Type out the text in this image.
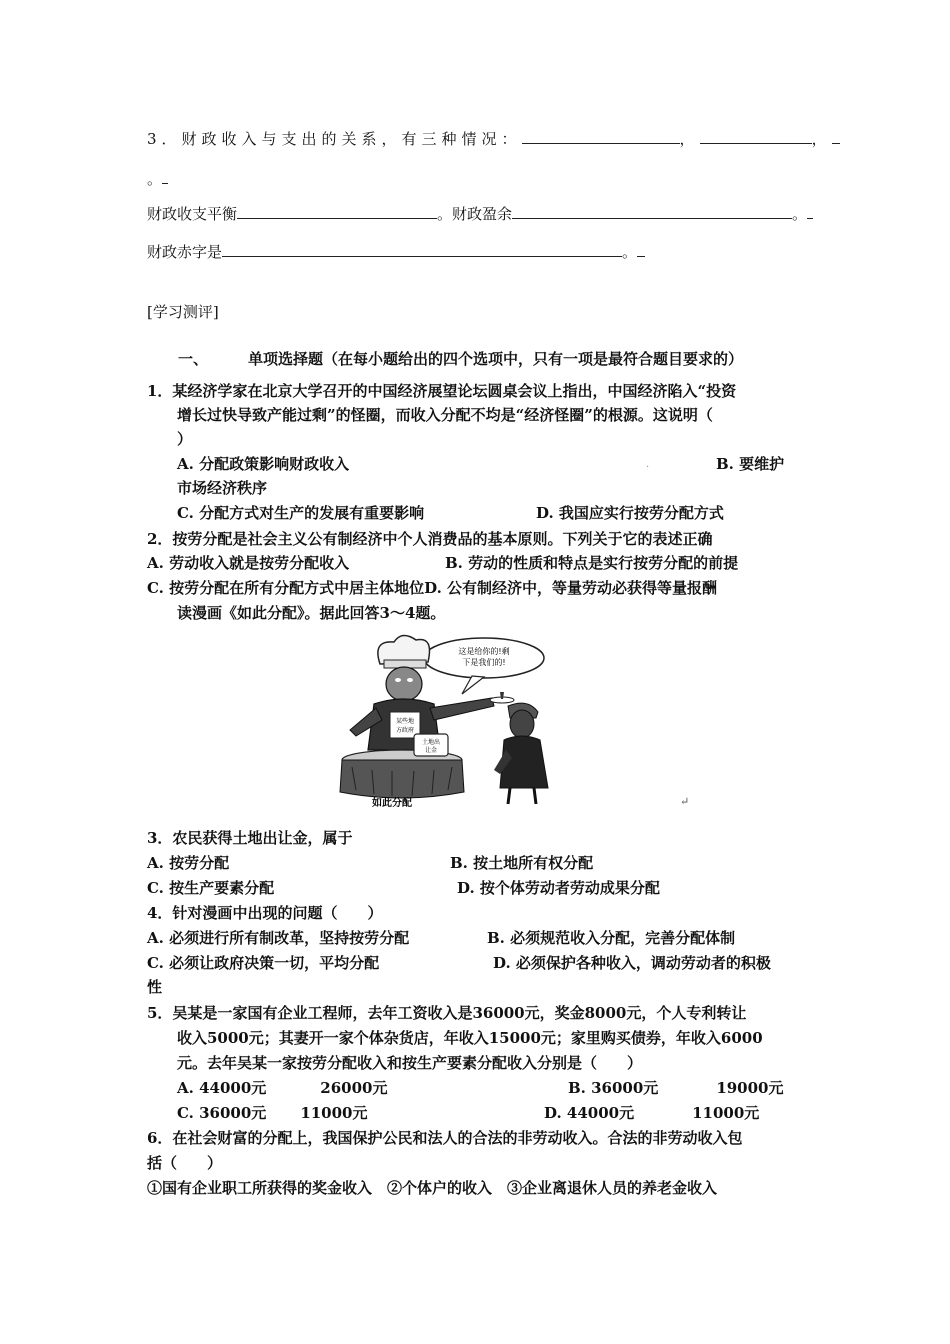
3．财政收入与支出的关系，有三种情况：	，	，
。
财政收支平衡	。财政盈余	。
财政赤字是	。
[学习测评]
一、	单项选择题（在每小题给出的四个选项中，只有一项是最符合题目要求的）
1．某经济学家在北京大学召开的中国经济展望论坛圆桌会议上指出，中国经济陷入“投资
增长过快导致产能过剩”的怪圈，而收入分配不均是“经济怪圈”的根源。这说明（
）
A. 分配政策影响财政收入	.	B. 要维护
市场经济秩序
C. 分配方式对生产的发展有重要影响	D. 我国应实行按劳分配方式
2．按劳分配是社会主义公有制经济中个人消费品的基本原则。下列关于它的表述正确
A. 劳动收入就是按劳分配收入	B. 劳动的性质和特点是实行按劳分配的前提
C. 按劳分配在所有分配方式中居主体地位D. 公有制经济中，等量劳动必获得等量报酬
读漫画《如此分配》。据此回答3～4题。
这是给你的!剩
下是我们的!
某些地
方政府
土地出
让金
如此分配	↵
3．农民获得土地出让金，属于
A. 按劳分配	B. 按土地所有权分配
C. 按生产要素分配	D. 按个体劳动者劳动成果分配
4．针对漫画中出现的问题（　　）
A. 必须进行所有制改革，坚持按劳分配	B. 必须规范收入分配，完善分配体制
C. 必须让政府决策一切，平均分配	D. 必须保护各种收入，调动劳动者的积极
性
5．吴某是一家国有企业工程师，去年工资收入是36000元，奖金8000元，个人专利转让
收入5000元；其妻开一家个体杂货店，年收入15000元；家里购买债券，年收入6000
元。去年吴某一家按劳分配收入和按生产要素分配收入分别是（　　）
A. 44000元	26000元	B. 36000元	19000元
C. 36000元 11000元	D. 44000元	11000元
6．在社会财富的分配上，我国保护公民和法人的合法的非劳动收入。合法的非劳动收入包
括（　　）
①国有企业职工所获得的奖金收入　②个体户的收入　③企业离退休人员的养老金收入
